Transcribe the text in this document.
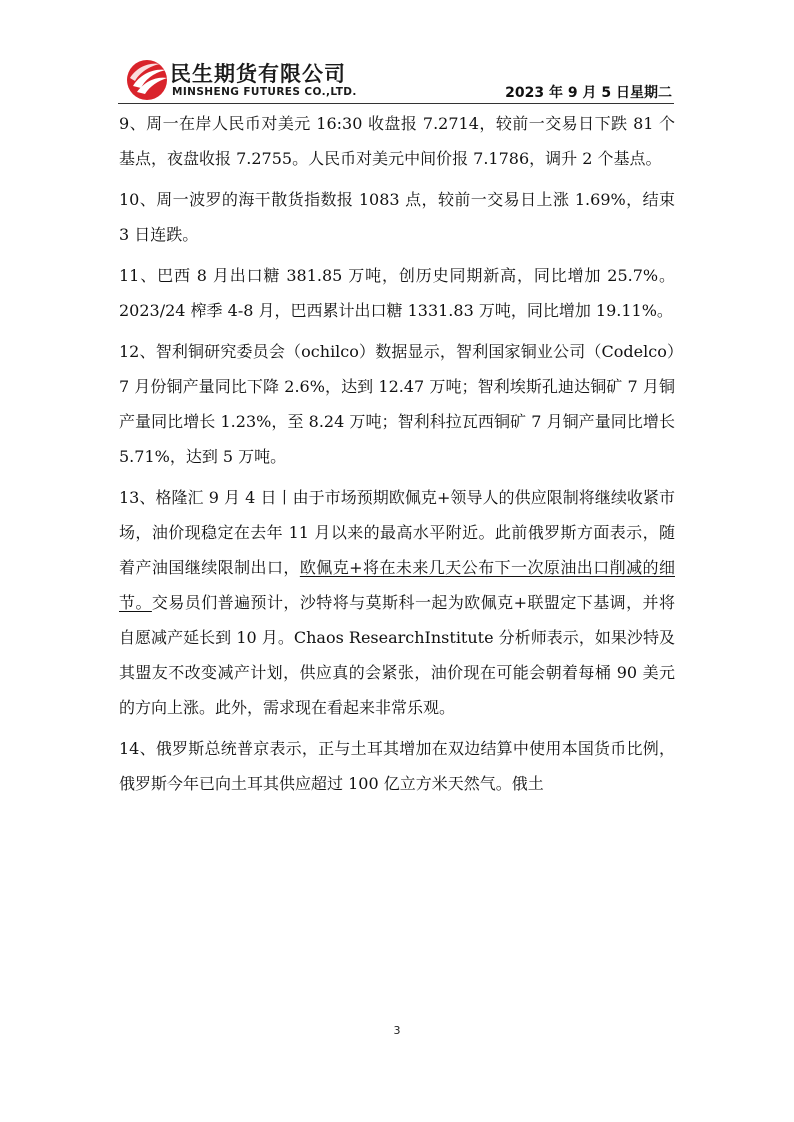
民生期货有限公司
MINSHENG FUTURES CO.,LTD.	2023 年 9 月 5 日星期二

9、周一在岸人民币对美元 16:30 收盘报 7.2714，较前一交易日下跌 81 个基点，夜盘收报 7.2755。人民币对美元中间价报 7.1786，调升 2 个基点。

10、周一波罗的海干散货指数报 1083 点，较前一交易日上涨 1.69%，结束 3 日连跌。

11、巴西 8 月出口糖 381.85 万吨，创历史同期新高，同比增加 25.7%。2023/24 榨季 4-8 月，巴西累计出口糖 1331.83 万吨，同比增加 19.11%。

12、智利铜研究委员会（ochilco）数据显示，智利国家铜业公司（Codelco）7 月份铜产量同比下降 2.6%，达到 12.47 万吨；智利埃斯孔迪达铜矿 7 月铜产量同比增长 1.23%，至 8.24 万吨；智利科拉瓦西铜矿 7 月铜产量同比增长 5.71%，达到 5 万吨。

13、格隆汇 9 月 4 日丨由于市场预期欧佩克+领导人的供应限制将继续收紧市场，油价现稳定在去年 11 月以来的最高水平附近。此前俄罗斯方面表示，随着产油国继续限制出口，欧佩克+将在未来几天公布下一次原油出口削减的细节。交易员们普遍预计，沙特将与莫斯科一起为欧佩克+联盟定下基调，并将自愿减产延长到 10 月。Chaos ResearchInstitute 分析师表示，如果沙特及其盟友不改变减产计划，供应真的会紧张，油价现在可能会朝着每桶 90 美元的方向上涨。此外，需求现在看起来非常乐观。

14、俄罗斯总统普京表示，正与土耳其增加在双边结算中使用本国货币比例，俄罗斯今年已向土耳其供应超过 100 亿立方米天然气。俄土

3
